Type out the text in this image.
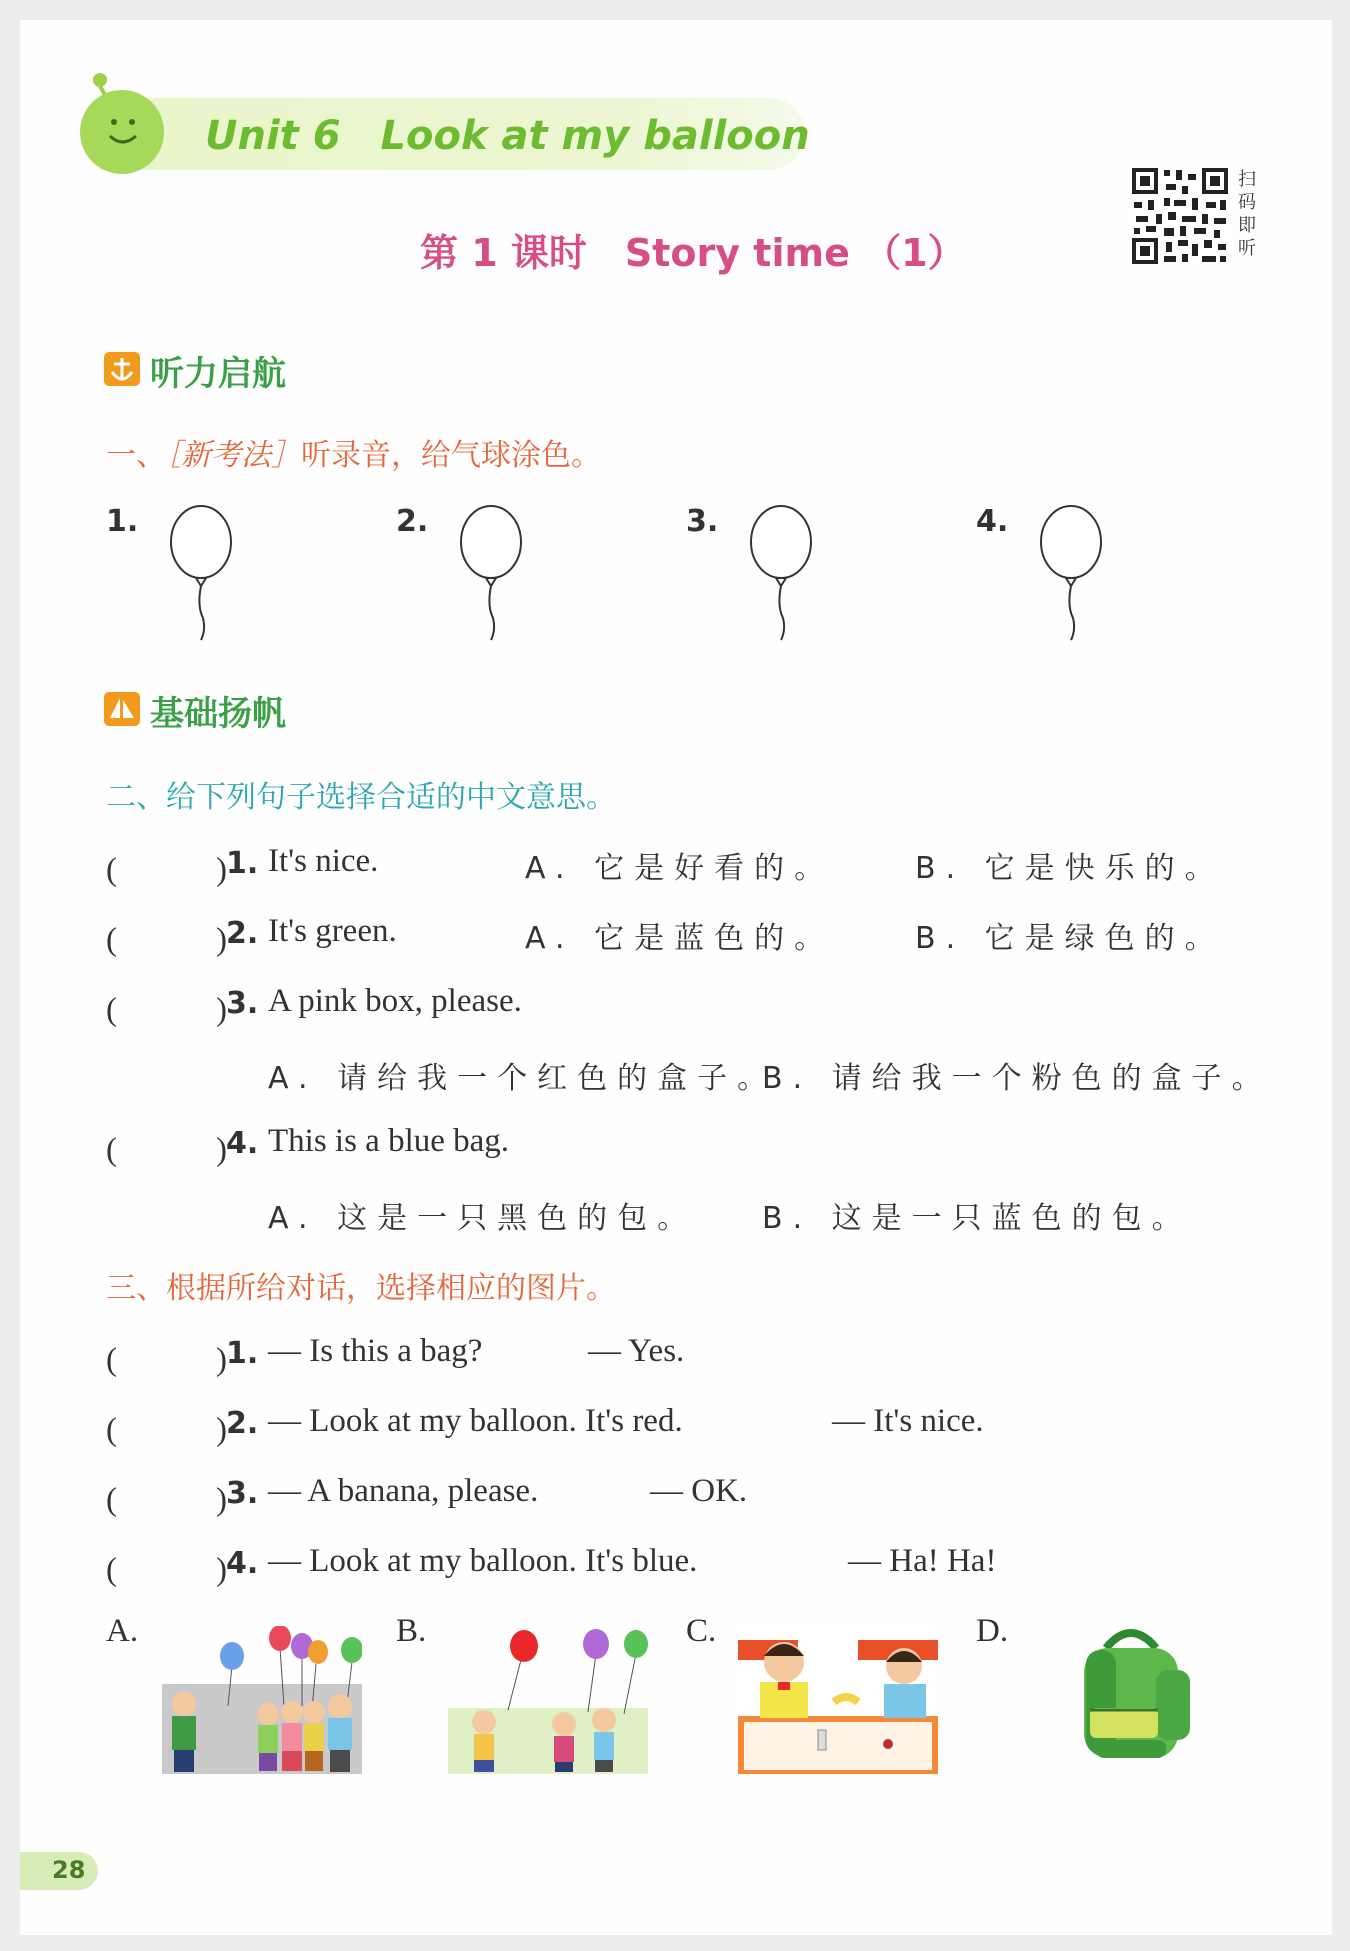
Unit 6　Look at my balloon
第 1 课时　Story time （1）
扫码即听
听力启航
一、［新考法］听录音，给气球涂色。
1.	2.	3.	4.
基础扬帆
二、给下列句子选择合适的中文意思。
(　　　) 1. It's nice.	A. 它是好看的。	B. 它是快乐的。
(　　　) 2. It's green.	A. 它是蓝色的。	B. 它是绿色的。
(　　　) 3. A pink box, please.
A. 请给我一个红色的盒子。
B. 请给我一个粉色的盒子。
(　　　) 4. This is a blue bag.
A. 这是一只黑色的包。 B. 这是一只蓝色的包。
三、根据所给对话，选择相应的图片。
(　　　) 1. — Is this a bag?	— Yes.
(　　　) 2. — Look at my balloon. It's red.	— It's nice.
(　　　) 3. — A banana, please.	— OK.
(　　　) 4. — Look at my balloon. It's blue.	— Ha! Ha!
A.	B.	C.	D.
28
